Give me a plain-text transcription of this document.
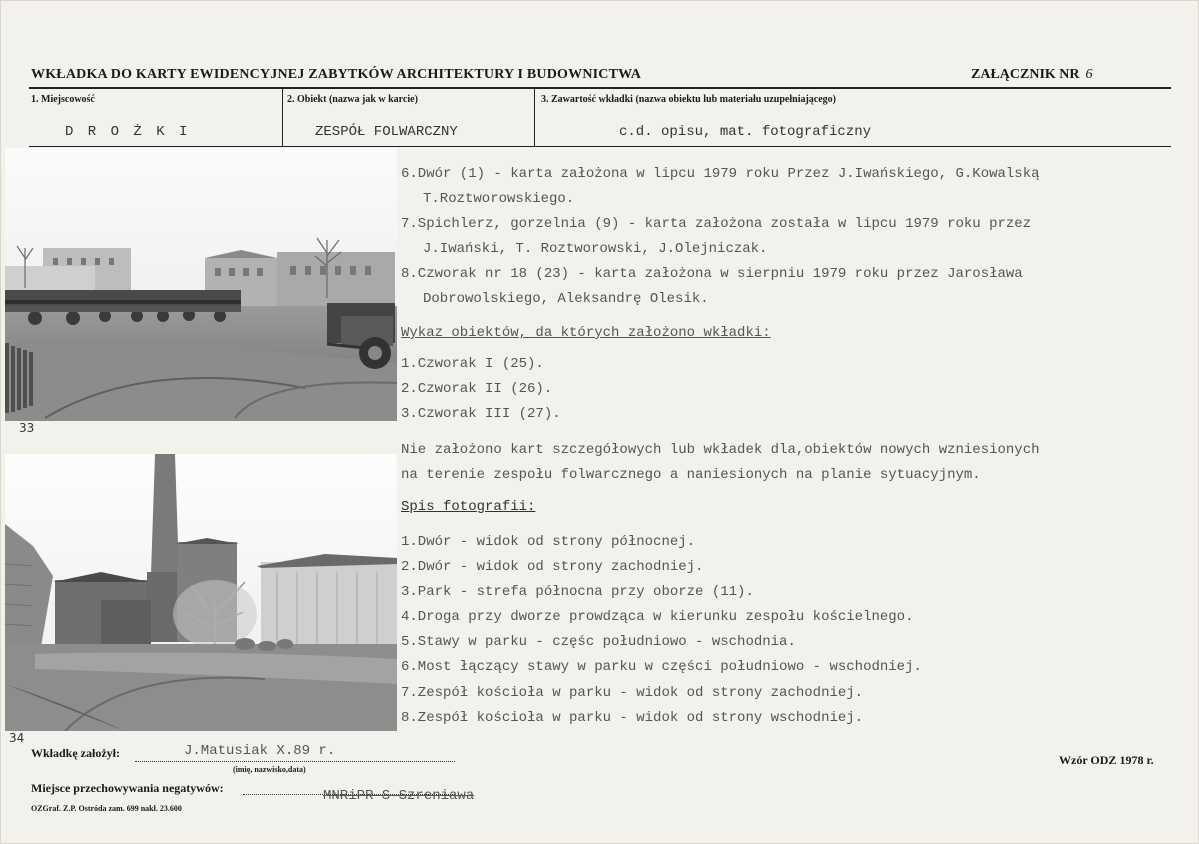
WKŁADKA DO KARTY EWIDENCYJNEJ ZABYTKÓW ARCHITEKTURY I BUDOWNICTWA	ZAŁĄCZNIK NR 6
1. Miejscowość	2. Obiekt (nazwa jak w karcie)	3. Zawartość wkładki (nazwa obiektu lub materiału uzupełniającego)
D R O Ż K I	ZESPÓŁ FOLWARCZNY	c.d. opisu, mat. fotograficzny
33
34
6.Dwór (1) - karta założona w lipcu 1979 roku Przez J.Iwańskiego, G.Kowalską
T.Roztworowskiego.
7.Spichlerz, gorzelnia (9) - karta założona została w lipcu 1979 roku przez
J.Iwański, T. Roztworowski, J.Olejniczak.
8.Czworak nr 18 (23) - karta założona w sierpniu 1979 roku przez Jarosława
Dobrowolskiego, Aleksandrę Olesik.
Wykaz obiektów, da których założono wkładki:
1.Czworak I (25).
2.Czworak II (26).
3.Czworak III (27).
Nie założono kart szczegółowych lub wkładek dla,obiektów nowych wzniesionych
na terenie zespołu folwarcznego a naniesionych na planie sytuacyjnym.
Spis fotografii:
1.Dwór - widok od strony północnej.
2.Dwór - widok od strony zachodniej.
3.Park - strefa północna przy oborze (11).
4.Droga przy dworze prowdząca w kierunku zespołu kościelnego.
5.Stawy w parku - częśc południowo - wschodnia.
6.Most łączący stawy w parku w części południowo - wschodniej.
7.Zespół kościoła w parku - widok od strony zachodniej.
8.Zespół kościoła w parku - widok od strony wschodniej.
Wkładkę założył:	J.Matusiak X.89 r.
(imię, nazwisko,data)
Miejsce przechowywania negatywów:	MNRiPR-S Szreniawa
OZGraf. Z.P. Ostróda zam. 699 nakł. 23.600
Wzór ODZ 1978 r.
